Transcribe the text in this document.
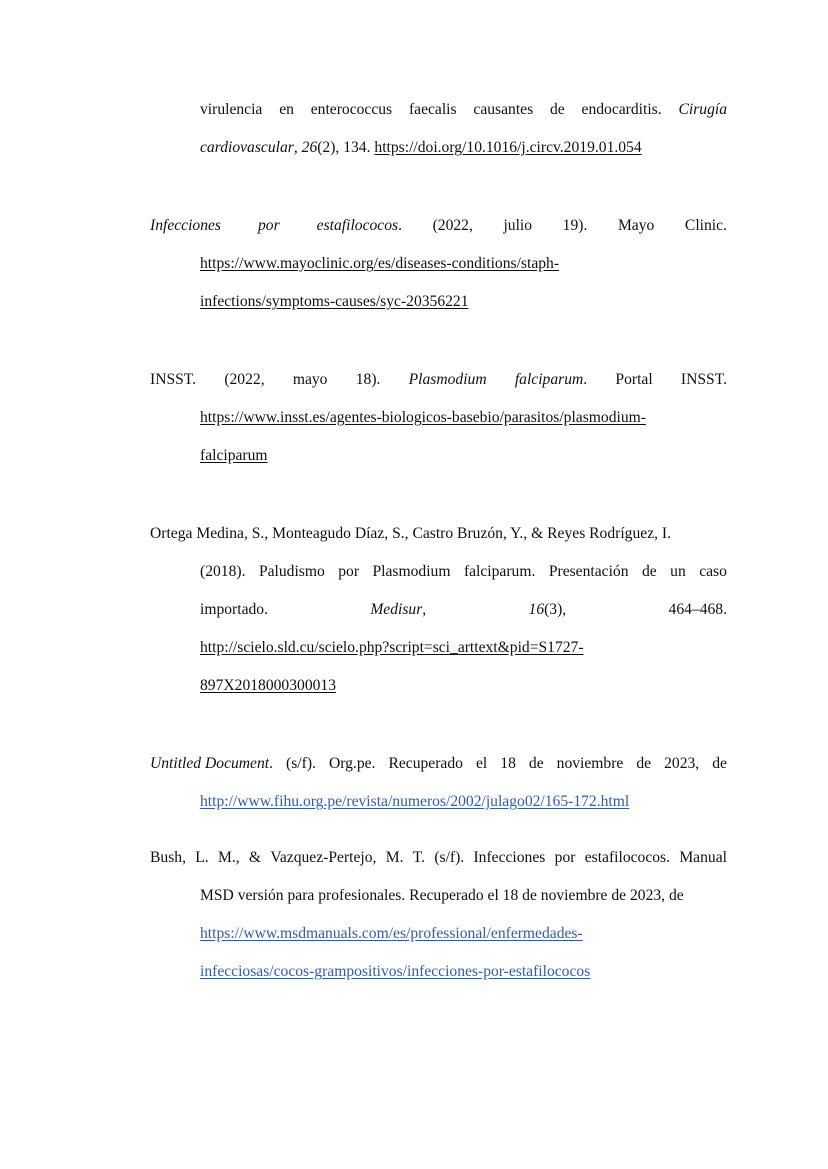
virulencia en enterococcus faecalis causantes de endocarditis. Cirugía
cardiovascular, 26(2), 134. https://doi.org/10.1016/j.circv.2019.01.054
Infecciones por estafilococos. (2022, julio 19). Mayo Clinic.
https://www.mayoclinic.org/es/diseases-conditions/staph-
infections/symptoms-causes/syc-20356221
INSST. (2022, mayo 18). Plasmodium falciparum. Portal INSST.
https://www.insst.es/agentes-biologicos-basebio/parasitos/plasmodium-
falciparum
Ortega Medina, S., Monteagudo Díaz, S., Castro Bruzón, Y., & Reyes Rodríguez, I.
(2018). Paludismo por Plasmodium falciparum. Presentación de un caso
importado.	Medisur,	16(3),	464–468.
http://scielo.sld.cu/scielo.php?script=sci_arttext&pid=S1727-
897X2018000300013
Untitled Document. (s/f). Org.pe. Recuperado el 18 de noviembre de 2023, de
http://www.fihu.org.pe/revista/numeros/2002/julago02/165-172.html
Bush, L. M., & Vazquez-Pertejo, M. T. (s/f). Infecciones por estafilococos. Manual
MSD versión para profesionales. Recuperado el 18 de noviembre de 2023, de
https://www.msdmanuals.com/es/professional/enfermedades-
infecciosas/cocos-grampositivos/infecciones-por-estafilococos
